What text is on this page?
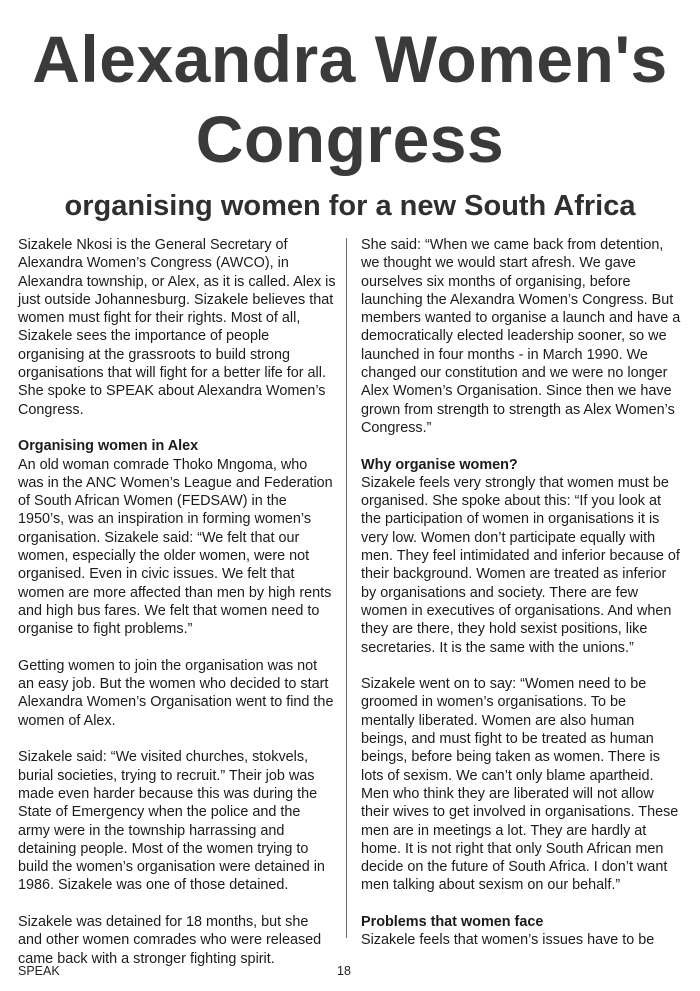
Alexandra Women's
Congress
organising women for a new South Africa

Sizakele Nkosi is the General Secretary of Alexandra Women’s Congress (AWCO), in Alexandra township, or Alex, as it is called. Alex is just outside Johannesburg. Sizakele believes that women must fight for their rights. Most of all, Sizakele sees the importance of people organising at the grassroots to build strong organisations that will fight for a better life for all. She spoke to SPEAK about Alexandra Women’s Congress.

Organising women in Alex

An old woman comrade Thoko Mngoma, who was in the ANC Women’s League and Federation of South African Women (FEDSAW) in the 1950’s, was an inspiration in forming women’s organisation. Sizakele said: “We felt that our women, especially the older women, were not organised. Even in civic issues. We felt that women are more affected than men by high rents and high bus fares. We felt that women need to organise to fight problems.”

Getting women to join the organisation was not an easy job. But the women who decided to start Alexandra Women’s Organisation went to find the women of Alex.

Sizakele said: “We visited churches, stokvels, burial societies, trying to recruit.” Their job was made even harder because this was during the State of Emergency when the police and the army were in the township harrassing and detaining people. Most of the women trying to build the women’s organisation were detained in 1986. Sizakele was one of those detained.

Sizakele was detained for 18 months, but she and other women comrades who were released came back with a stronger fighting spirit.

She said: “When we came back from detention, we thought we would start afresh. We gave ourselves six months of organising, before launching the Alexandra Women’s Congress. But members wanted to organise a launch and have a democratically elected leadership sooner, so we launched in four months - in March 1990. We changed our constitution and we were no longer Alex Women’s Organisation. Since then we have grown from strength to strength as Alex Women’s Congress.”

Why organise women?

Sizakele feels very strongly that women must be organised. She spoke about this: “If you look at the participation of women in organisations it is very low. Women don’t participate equally with men. They feel intimidated and inferior because of their background. Women are treated as inferior by organisations and society. There are few women in executives of organisations. And when they are there, they hold sexist positions, like secretaries. It is the same with the unions.”

Sizakele went on to say: “Women need to be groomed in women’s organisations. To be mentally liberated. Women are also human beings, and must fight to be treated as human beings, before being taken as women. There is lots of sexism. We can’t only blame apartheid. Men who think they are liberated will not allow their wives to get involved in organisations. These men are in meetings a lot. They are hardly at home. It is not right that only South African men decide on the future of South Africa. I don’t want men talking about sexism on our behalf.”

Problems that women face

Sizakele feels that women’s issues have to be

SPEAK	18
